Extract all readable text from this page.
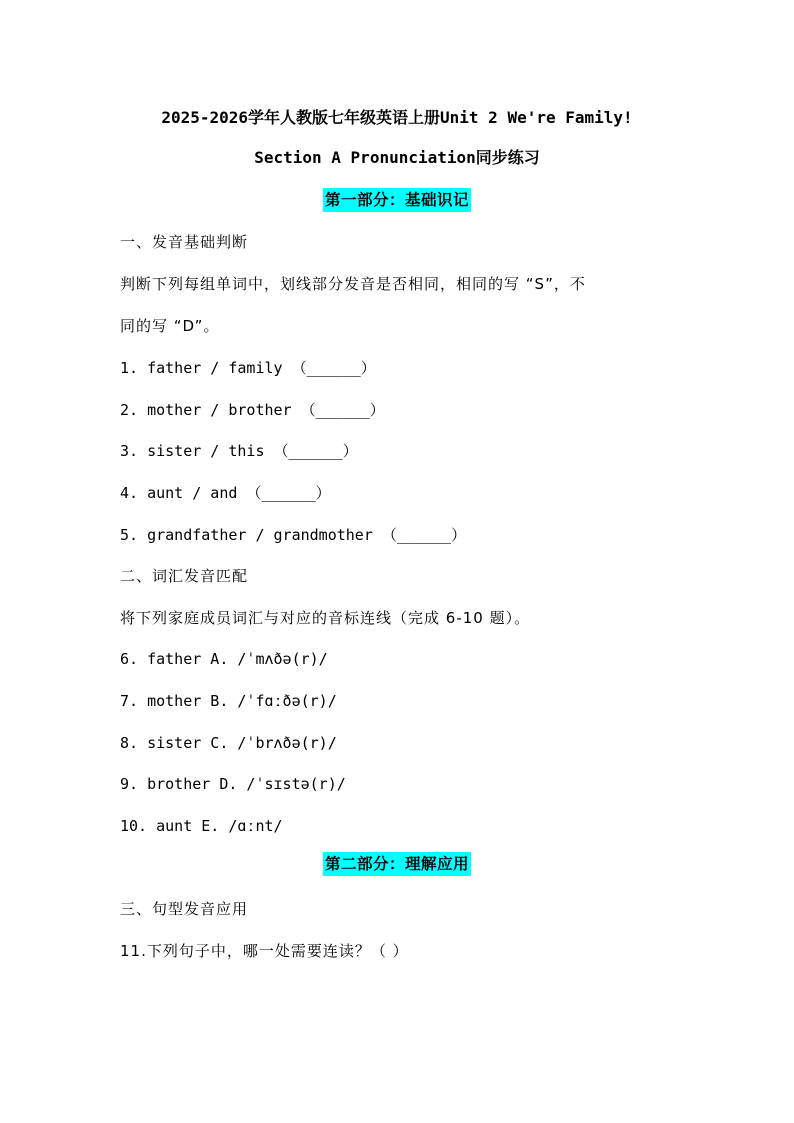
2025-2026学年人教版七年级英语上册Unit 2 We're Family!
Section A Pronunciation同步练习
第一部分：基础识记
一、发音基础判断
判断下列每组单词中，划线部分发音是否相同，相同的写 “S”，不
同的写 “D”。
1. father / family （______）
2. mother / brother （______）
3. sister / this （______）
4. aunt / and （______）
5. grandfather / grandmother （______）
二、词汇发音匹配
将下列家庭成员词汇与对应的音标连线（完成 6-10 题）。
6. father A. /ˈmʌðə(r)/
7. mother B. /ˈfɑːðə(r)/
8. sister C. /ˈbrʌðə(r)/
9. brother D. /ˈsɪstə(r)/
10. aunt E. /ɑːnt/
第二部分：理解应用
三、句型发音应用
11.下列句子中，哪一处需要连读？（ ）
